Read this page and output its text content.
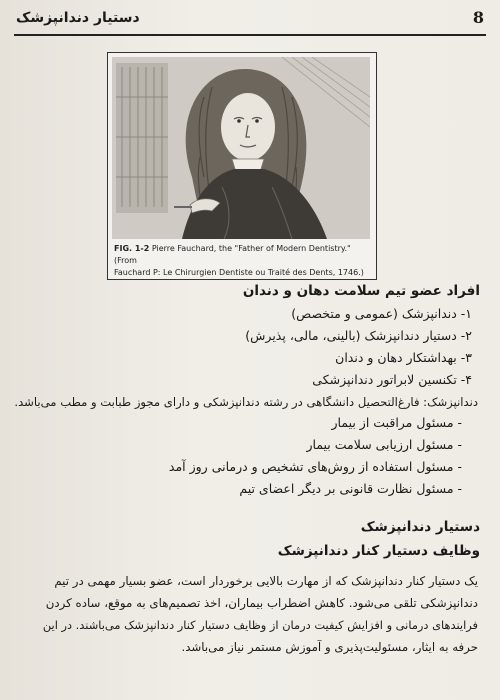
8
دستیار دندانپزشک
FIG. 1-2 Pierre Fauchard, the "Father of Modern Dentistry." (From
Fauchard P: Le Chirurgien Dentiste ou Traité des Dents, 1746.)
افراد عضو تیم سلامت دهان و دندان
۱- دندانپزشک (عمومی و متخصص)
۲- دستیار دندانپزشک (بالینی، مالی، پذیرش)
۳- بهداشتکار دهان و دندان
۴- تکنسین لابراتور دندانپزشکی
دندانپزشک: فارغ‌التحصیل دانشگاهی در رشته دندانپزشکی و دارای مجوز طبابت و مطب می‌باشد.
- مسئول مراقبت از بیمار
- مسئول ارزیابی سلامت بیمار
- مسئول استفاده از روش‌های تشخیص و درمانی روز آمد
- مسئول نظارت قانونی بر دیگر اعضای تیم
دستیار دندانپزشک
وظایف دستیار کنار دندانپزشک
یک دستیار کنار دندانپزشک که از مهارت بالایی برخوردار است، عضو بسیار مهمی در تیم
دندانپزشکی تلقی می‌شود. کاهش اضطراب بیماران، اخذ تصمیم‌های به موقع، ساده کردن
فرایندهای درمانی و افزایش کیفیت درمان از وظایف دستیار کنار دندانپزشک می‌باشند. در این
حرفه به ایثار، مسئولیت‌پذیری و آموزش مستمر نیاز می‌باشد.
